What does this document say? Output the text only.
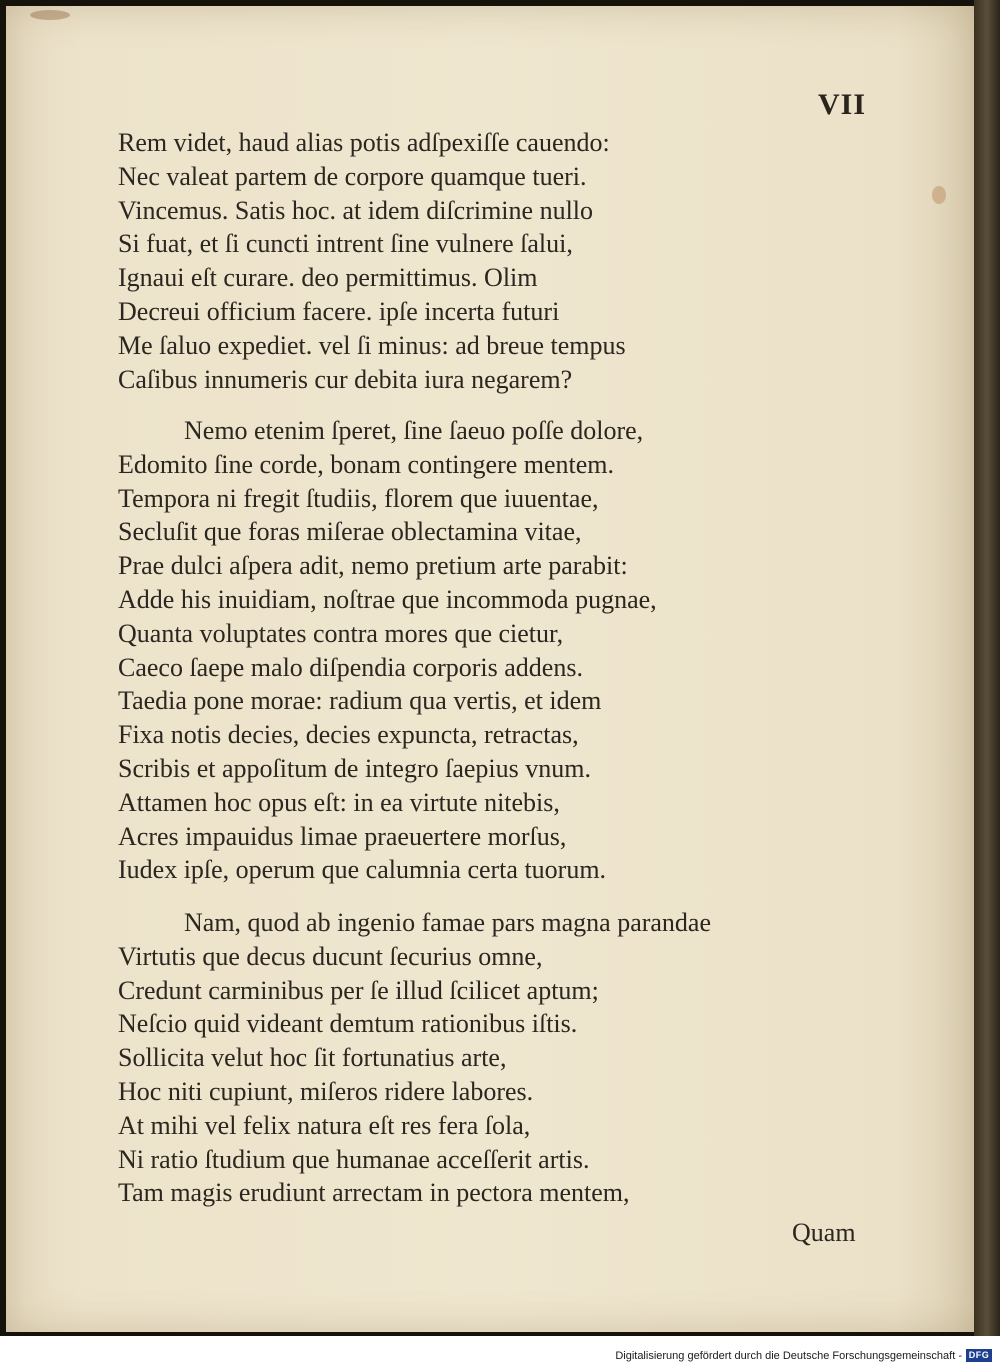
VII
Rem videt, haud alias potis adſpexiſſe cauendo:
Nec valeat partem de corpore quamque tueri.
Vincemus. Satis hoc. at idem diſcrimine nullo
Si fuat, et ſi cuncti intrent ſine vulnere ſalui,
Ignaui eſt curare. deo permittimus. Olim
Decreui officium facere. ipſe incerta futuri
Me ſaluo expediet. vel ſi minus: ad breue tempus
Caſibus innumeris cur debita iura negarem?
Nemo etenim ſperet, ſine ſaeuo poſſe dolore,
Edomito ſine corde, bonam contingere mentem.
Tempora ni fregit ſtudiis, florem que iuuentae,
Secluſit que foras miſerae oblectamina vitae,
Prae dulci aſpera adit, nemo pretium arte parabit:
Adde his inuidiam, noſtrae que incommoda pugnae,
Quanta voluptates contra mores que cietur,
Caeco ſaepe malo diſpendia corporis addens.
Taedia pone morae: radium qua vertis, et idem
Fixa notis decies, decies expuncta, retractas,
Scribis et appoſitum de integro ſaepius vnum.
Attamen hoc opus eſt: in ea virtute nitebis,
Acres impauidus limae praeuertere morſus,
Iudex ipſe, operum que calumnia certa tuorum.
Nam, quod ab ingenio famae pars magna parandae
Virtutis que decus ducunt ſecurius omne,
Credunt carminibus per ſe illud ſcilicet aptum;
Neſcio quid videant demtum rationibus iſtis.
Sollicita velut hoc ſit fortunatius arte,
Hoc niti cupiunt, miſeros ridere labores.
At mihi vel felix natura eſt res fera ſola,
Ni ratio ſtudium que humanae acceſſerit artis.
Tam magis erudiunt arrectam in pectora mentem,
Quam
Digitalisierung gefördert durch die Deutsche Forschungsgemeinschaft - DFG
